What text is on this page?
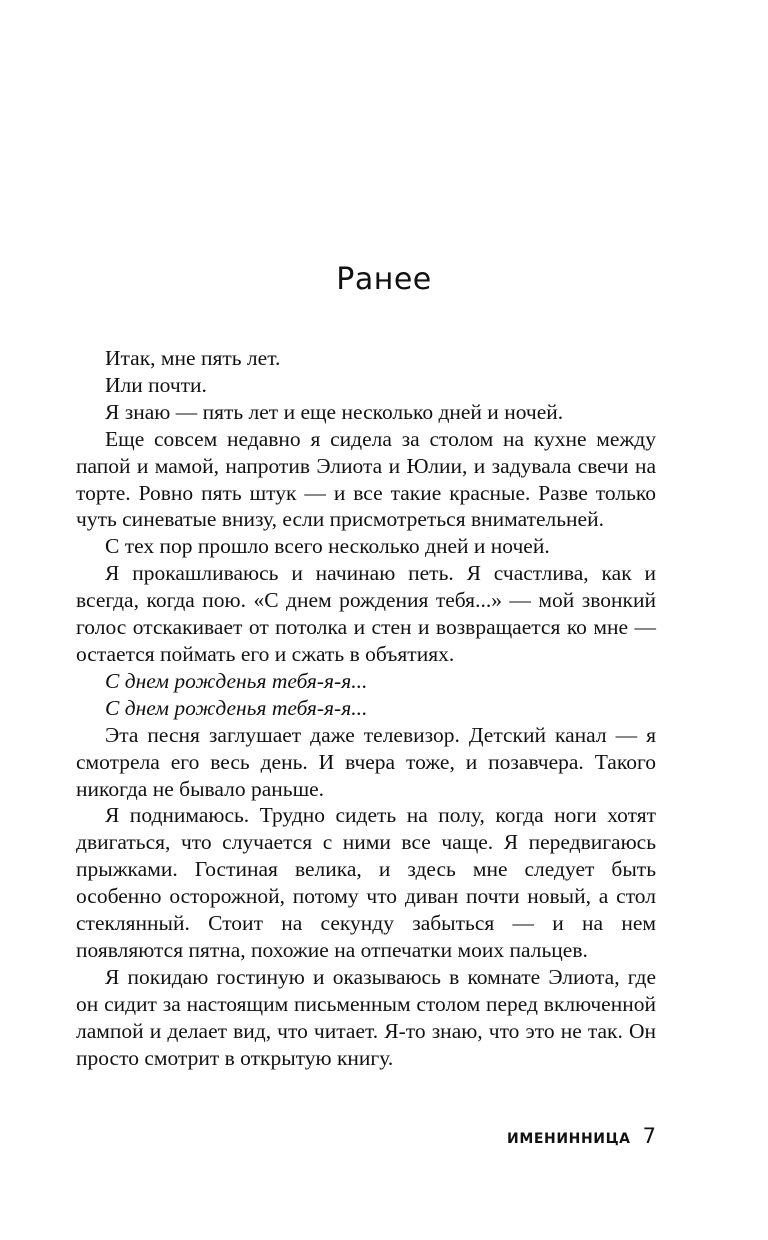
Ранее

Итак, мне пять лет.

Или почти.

Я знаю — пять лет и еще несколько дней и ночей.

Еще совсем недавно я сидела за столом на кухне между папой и мамой, напротив Элиота и Юлии, и задувала свечи на торте. Ровно пять штук — и все такие красные. Разве только чуть синеватые внизу, если присмотреться внимательней.

С тех пор прошло всего несколько дней и ночей.

Я прокашливаюсь и начинаю петь. Я счастлива, как и всегда, когда пою. «С днем рождения тебя...» — мой звонкий голос отскакивает от потолка и стен и возвращается ко мне — остается поймать его и сжать в объятиях.

С днем рожденья тебя-я-я...

С днем рожденья тебя-я-я...

Эта песня заглушает даже телевизор. Детский канал — я смотрела его весь день. И вчера тоже, и позавчера. Такого никогда не бывало раньше.

Я поднимаюсь. Трудно сидеть на полу, когда ноги хотят двигаться, что случается с ними все чаще. Я передвигаюсь прыжками. Гостиная велика, и здесь мне следует быть особенно осторожной, потому что диван почти новый, а стол стеклянный. Стоит на секунду забыться — и на нем появляются пятна, похожие на отпечатки моих пальцев.

Я покидаю гостиную и оказываюсь в комнате Элиота, где он сидит за настоящим письменным столом перед включенной лампой и делает вид, что читает. Я-то знаю, что это не так. Он просто смотрит в открытую книгу.

ИМЕНИННИЦА 7
